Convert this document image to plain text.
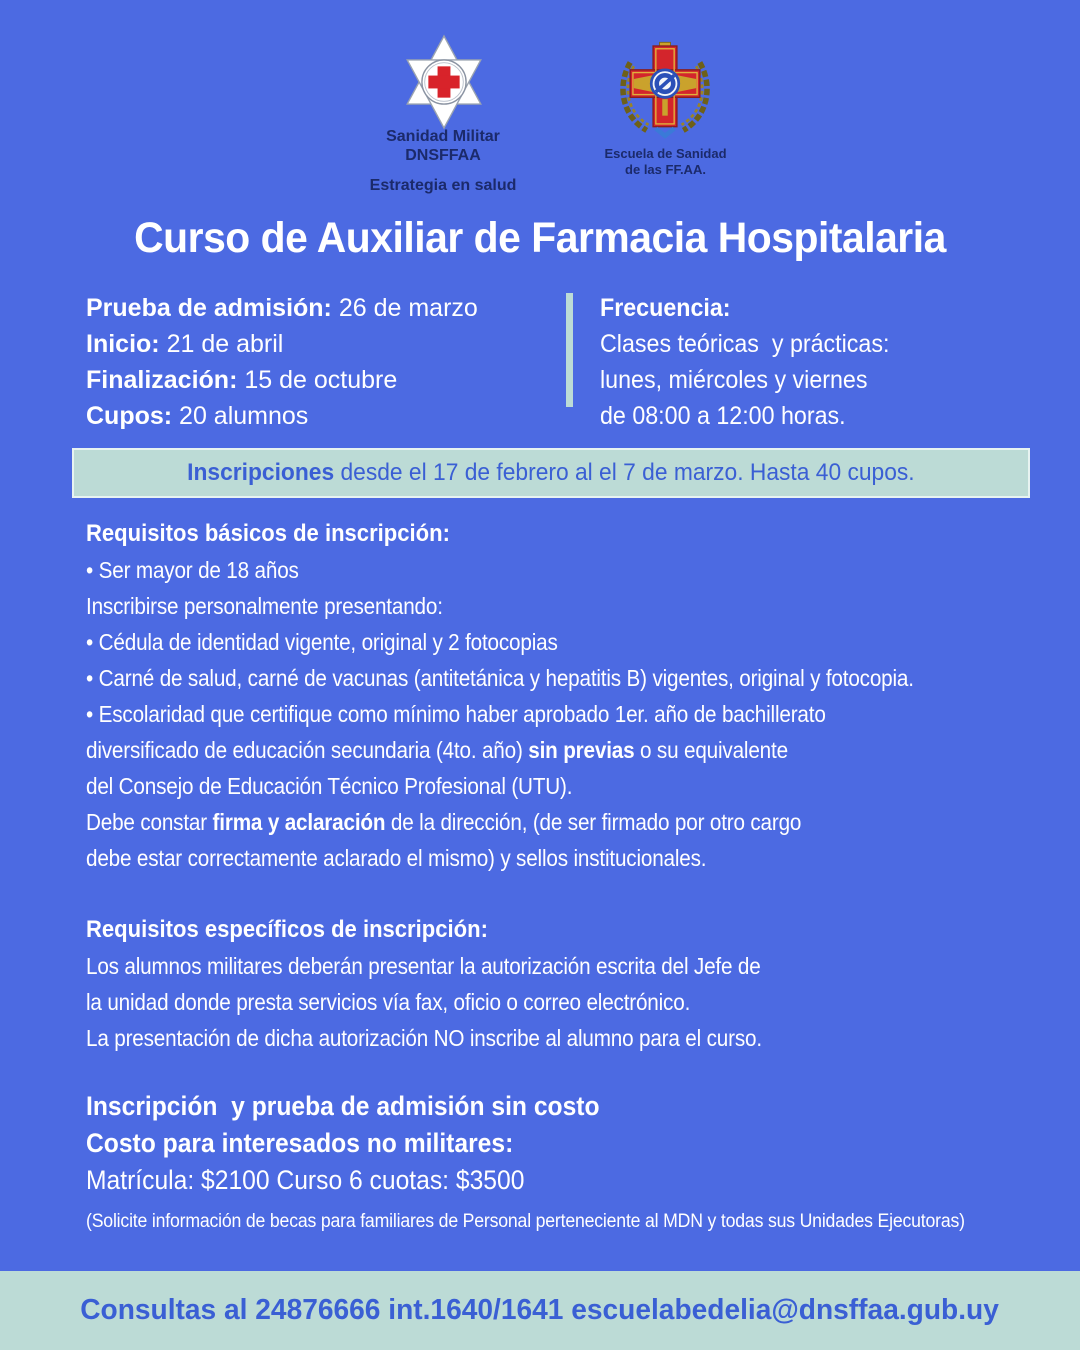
Sanidad Militar
DNSFFAA
Estrategia en salud
Escuela de Sanidad
de las FF.AA.
Curso de Auxiliar de Farmacia Hospitalaria
Prueba de admisión: 26 de marzo
Inicio: 21 de abril
Finalización: 15 de octubre
Cupos: 20 alumnos
Frecuencia:
Clases teóricas  y prácticas:
lunes, miércoles y viernes
de 08:00 a 12:00 horas.
Inscripciones desde el 17 de febrero al el 7 de marzo. Hasta 40 cupos.
Requisitos básicos de inscripción:
• Ser mayor de 18 años
Inscribirse personalmente presentando:
• Cédula de identidad vigente, original y 2 fotocopias
• Carné de salud, carné de vacunas (antitetánica y hepatitis B) vigentes, original y fotocopia.
• Escolaridad que certifique como mínimo haber aprobado 1er. año de bachillerato
diversificado de educación secundaria (4to. año) sin previas o su equivalente
del Consejo de Educación Técnico Profesional (UTU).
Debe constar firma y aclaración de la dirección, (de ser firmado por otro cargo
debe estar correctamente aclarado el mismo) y sellos institucionales.
Requisitos específicos de inscripción:
Los alumnos militares deberán presentar la autorización escrita del Jefe de
la unidad donde presta servicios vía fax, oficio o correo electrónico.
La presentación de dicha autorización NO inscribe al alumno para el curso.
Inscripción  y prueba de admisión sin costo
Costo para interesados no militares:
Matrícula: $2100 Curso 6 cuotas: $3500
(Solicite información de becas para familiares de Personal perteneciente al MDN y todas sus Unidades Ejecutoras)
Consultas al 24876666 int.1640/1641 escuelabedelia@dnsffaa.gub.uy
